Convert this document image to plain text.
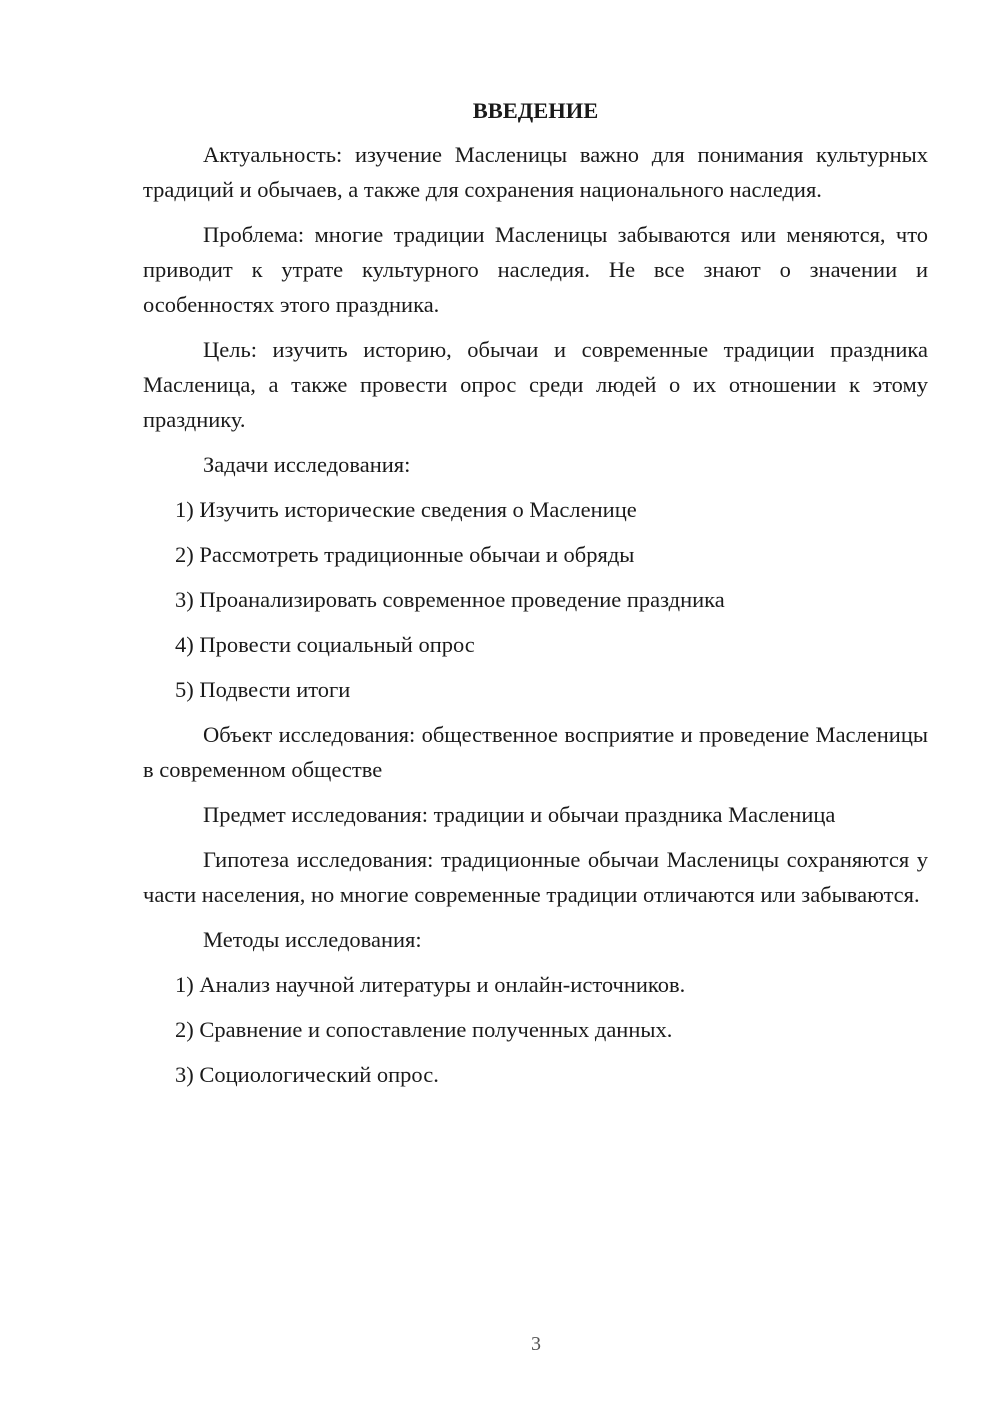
ВВЕДЕНИЕ

Актуальность: изучение Масленицы важно для понимания культурных традиций и обычаев, а также для сохранения национального наследия.

Проблема: многие традиции Масленицы забываются или меняются, что приводит к утрате культурного наследия. Не все знают о значении и особенностях этого праздника.

Цель: изучить историю, обычаи и современные традиции праздника Масленица, а также провести опрос среди людей о их отношении к этому празднику.

Задачи исследования:

1) Изучить исторические сведения о Масленице
2) Рассмотреть традиционные обычаи и обряды
3) Проанализировать современное проведение праздника
4) Провести социальный опрос
5) Подвести итоги

Объект исследования: общественное восприятие и проведение Масленицы в современном обществе

Предмет исследования: традиции и обычаи праздника Масленица

Гипотеза исследования: традиционные обычаи Масленицы сохраняются у части населения, но многие современные традиции отличаются или забываются.

Методы исследования:

1) Анализ научной литературы и онлайн-источников.
2) Сравнение и сопоставление полученных данных.
3) Социологический опрос.
3
